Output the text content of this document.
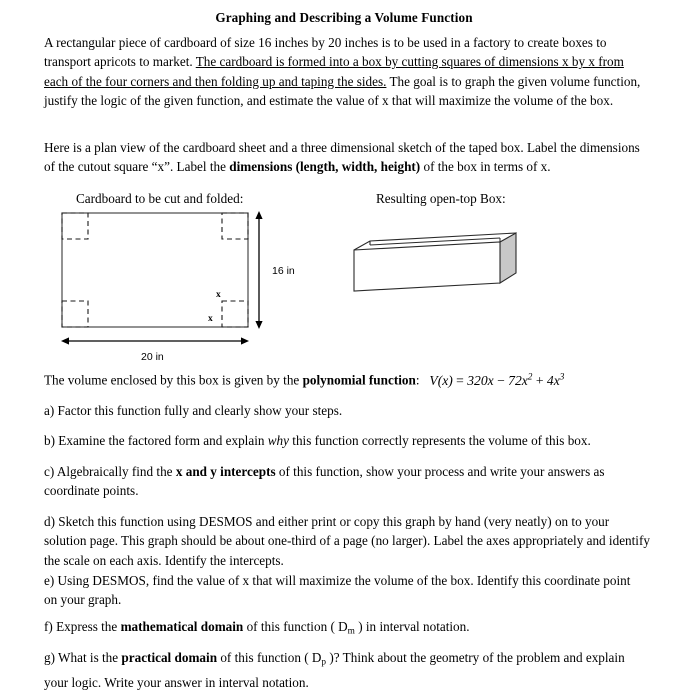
Graphing and Describing a Volume Function

A rectangular piece of cardboard of size 16 inches by 20 inches is to be used in a factory to create boxes to transport apricots to market. The cardboard is formed into a box by cutting squares of dimensions x by x from each of the four corners and then folding up and taping the sides. The goal is to graph the given volume function, justify the logic of the given function, and estimate the value of x that will maximize the volume of the box.

Here is a plan view of the cardboard sheet and a three dimensional sketch of the taped box. Label the dimensions of the cutout square “x”. Label the dimensions (length, width, height) of the box in terms of x.

Cardboard to be cut and folded:	Resulting open-top Box:
16 in
20 in
x
x
The volume enclosed by this box is given by the polynomial function: $V(x) = 320x - 72x^2 + 4x^3$
a) Factor this function fully and clearly show your steps.
b) Examine the factored form and explain why this function correctly represents the volume of this box.
c) Algebraically find the x and y intercepts of this function, show your process and write your answers as coordinate points.
d) Sketch this function using DESMOS and either print or copy this graph by hand (very neatly) on to your solution page. This graph should be about one-third of a page (no larger). Label the axes appropriately and identify the scale on each axis. Identify the intercepts.
e) Using DESMOS, find the value of x that will maximize the volume of the box. Identify this coordinate point on your graph.
f) Express the mathematical domain of this function ( $D_m$ ) in interval notation.
g) What is the practical domain of this function ( $D_p$ )? Think about the geometry of the problem and explain your logic. Write your answer in interval notation.
